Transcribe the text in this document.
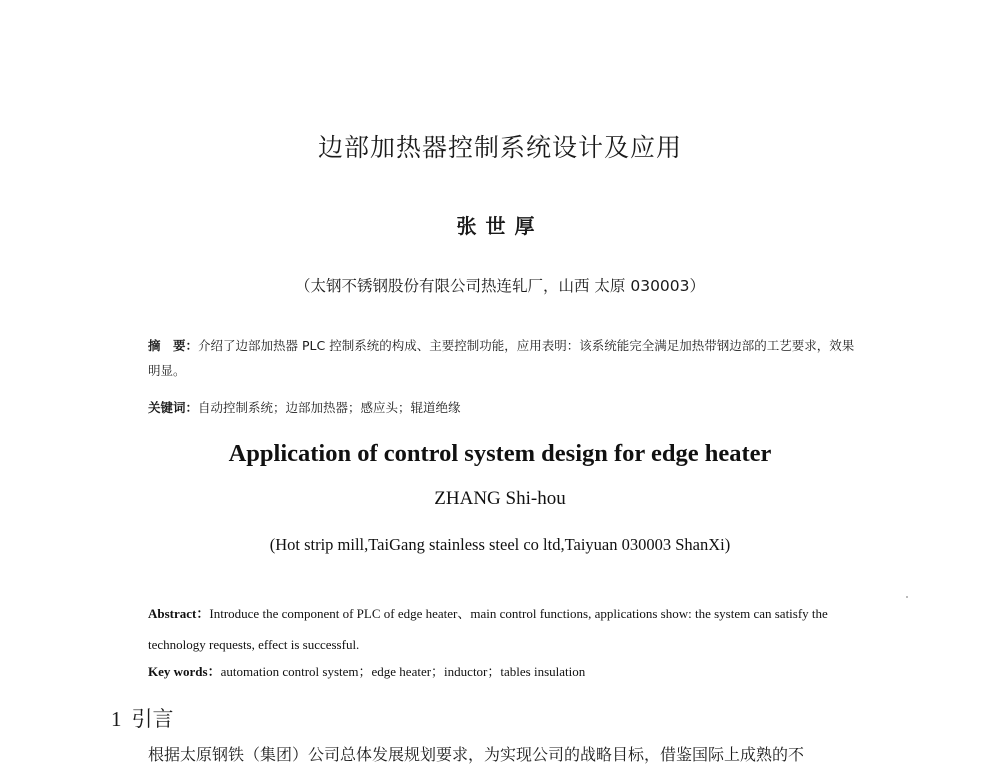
边部加热器控制系统设计及应用
张世厚
（太钢不锈钢股份有限公司热连轧厂，山西 太原 030003）

摘　要：介绍了边部加热器 PLC 控制系统的构成、主要控制功能，应用表明：该系统能完全满足加热带钢边部的工艺要求，效果明显。

关键词：自动控制系统；边部加热器；感应头；辊道绝缘

Application of control system design for edge heater
ZHANG Shi-hou
(Hot strip mill,TaiGang stainless steel co ltd,Taiyuan 030003 ShanXi)

Abstract：Introduce the component of PLC of edge heater、main control functions, applications show: the system can satisfy the technology requests, effect is successful.

Key words：automation control system；edge heater；inductor；tables insulation

1 引言
根据太原钢铁（集团）公司总体发展规划要求，为实现公司的战略目标，借鉴国际上成熟的不
